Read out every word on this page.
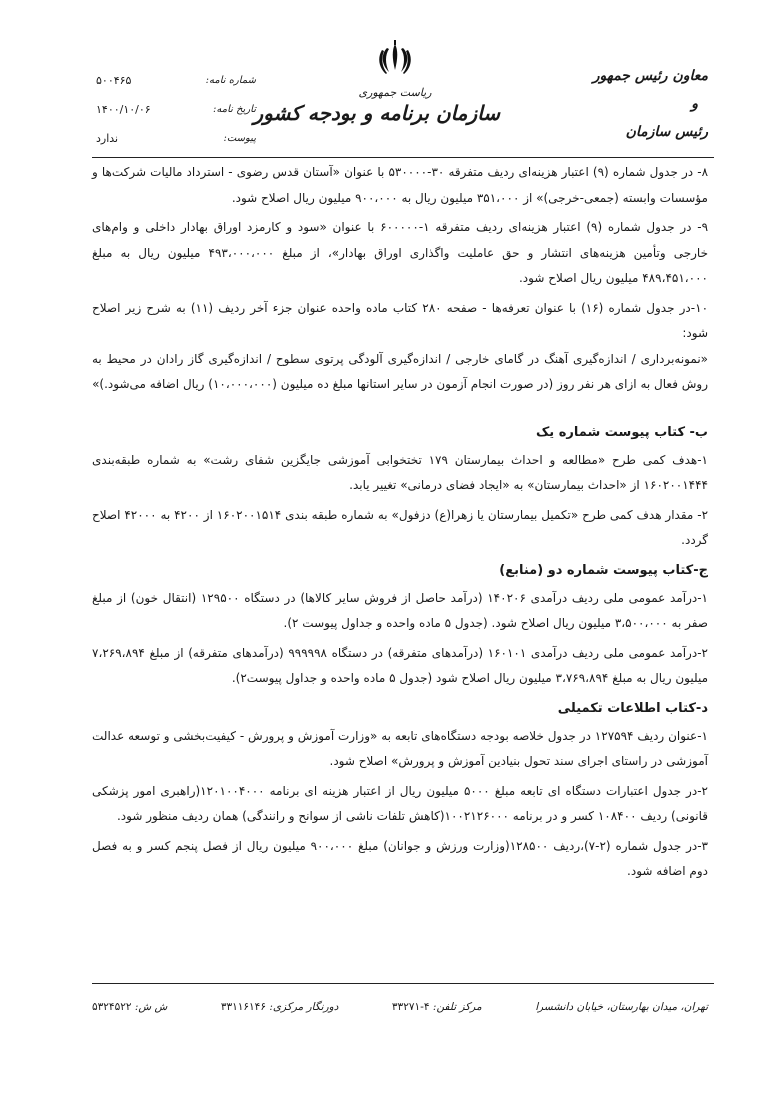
معاون رئیس جمهور
و
رئیس سازمان
ریاست جمهوری
سازمان برنامه و بودجه کشور
شماره نامه:
۵۰۰۴۶۵
تاریخ نامه:
۱۴۰۰/۱۰/۰۶
پیوست:
ندارد

۸- در جدول شماره (۹) اعتبار هزینه‌ای ردیف متفرقه ۳۰-۵۳۰۰۰۰ با عنوان «آستان قدس رضوی - استرداد مالیات شرکت‌ها و مؤسسات وابسته (جمعی-خرجی)» از ۳۵۱،۰۰۰ میلیون ریال به ۹۰۰،۰۰۰ میلیون ریال اصلاح شود.

۹- در جدول شماره (۹) اعتبار هزینه‌ای ردیف متفرقه ۱-۶۰۰۰۰۰ با عنوان «سود و کارمزد اوراق بهادار داخلی و وام‌های خارجی وتأمین هزینه‌های انتشار و حق عاملیت واگذاری اوراق بهادار»، از مبلغ ۴۹۳،۰۰۰،۰۰۰ میلیون ریال به مبلغ ۴۸۹،۴۵۱،۰۰۰ میلیون ریال اصلاح شود.

۱۰-در جدول شماره (۱۶) با عنوان تعرفه‌ها - صفحه ۲۸۰ کتاب ماده واحده عنوان جزء آخر ردیف (۱۱) به شرح زیر اصلاح شود:

«نمونه‌برداری / اندازه‌گیری آهنگ در گامای خارجی / اندازه‌گیری آلودگی پرتوی سطوح / اندازه‌گیری گاز رادان در محیط به روش فعال به ازای هر نفر روز (در صورت انجام آزمون در سایر استانها مبلغ ده میلیون (۱۰،۰۰۰،۰۰۰) ریال اضافه می‌شود.)»

ب- کتاب پیوست شماره یک

۱-هدف کمی طرح «مطالعه و احداث بیمارستان ۱۷۹ تختخوابی آموزشی جایگزین شفای رشت» به شماره طبقه‌بندی ۱۶۰۲۰۰۱۴۴۴ از «احداث بیمارستان» به «ایجاد فضای درمانی» تغییر یابد.

۲- مقدار هدف کمی طرح «تکمیل بیمارستان یا زهرا(ع) دزفول» به شماره طبقه بندی ۱۶۰۲۰۰۱۵۱۴ از ۴۲۰۰ به ۴۲۰۰۰ اصلاح گردد.

ج-کتاب پیوست شماره دو (منابع)

۱-درآمد عمومی ملی ردیف درآمدی ۱۴۰۲۰۶ (درآمد حاصل از فروش سایر کالاها) در دستگاه ۱۲۹۵۰۰ (انتقال خون) از مبلغ صفر به ۳،۵۰۰،۰۰۰ میلیون ریال اصلاح شود. (جدول ۵ ماده واحده و جداول پیوست ۲).

۲-درآمد عمومی ملی ردیف درآمدی ۱۶۰۱۰۱ (درآمدهای متفرقه) در دستگاه ۹۹۹۹۹۸ (درآمدهای متفرقه) از مبلغ ۷،۲۶۹،۸۹۴ میلیون ریال به مبلغ ۳،۷۶۹،۸۹۴ میلیون ریال اصلاح شود (جدول ۵ ماده واحده و جداول پیوست۲).

د-کتاب اطلاعات تکمیلی

۱-عنوان ردیف ۱۲۷۵۹۴ در جدول خلاصه بودجه دستگاه‌های تابعه به «وزارت آموزش و پرورش - کیفیت‌بخشی و توسعه عدالت آموزشی در راستای اجرای سند تحول بنیادین آموزش و پرورش» اصلاح شود.

۲-در جدول اعتبارات دستگاه ای تابعه مبلغ ۵۰۰۰ میلیون ریال از اعتبار هزینه ای برنامه ۱۲۰۱۰۰۴۰۰۰(راهبری امور پزشکی قانونی) ردیف ۱۰۸۴۰۰ کسر و در برنامه ۱۰۰۲۱۲۶۰۰۰(کاهش تلفات ناشی از سوانح و رانندگی) همان ردیف منظور شود.

۳-در جدول شماره (۲-۷)،ردیف ۱۲۸۵۰۰(وزارت ورزش و جوانان) مبلغ ۹۰۰،۰۰۰ میلیون ریال از فصل پنجم کسر و به فصل دوم اضافه شود.

تهران، میدان بهارستان، خیابان دانشسرا
مرکز تلفن: ۴-۳۳۲۷۱
دورنگار مرکزی: ۳۳۱۱۶۱۴۶
ش ش: ۵۳۲۴۵۲۲
